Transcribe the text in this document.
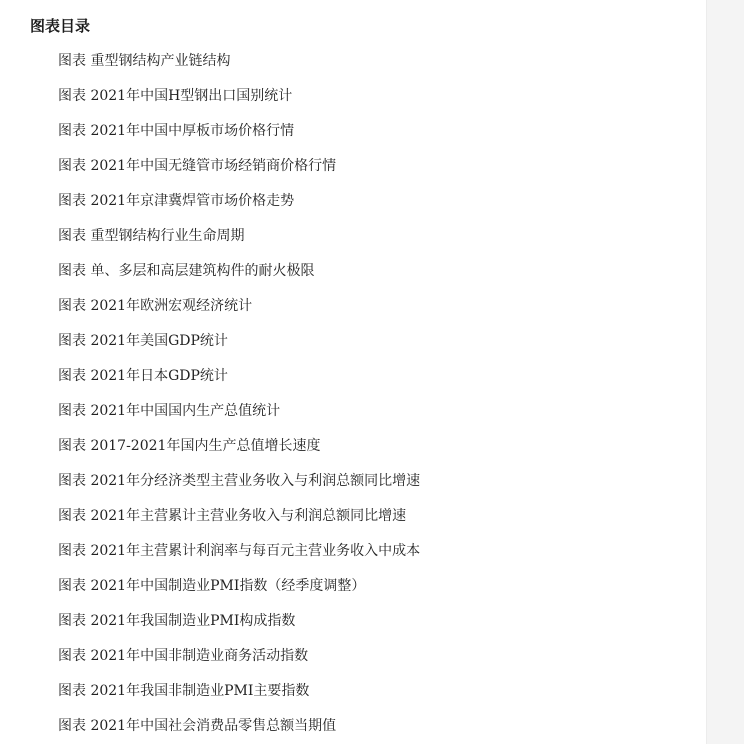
图表目录
图表 重型钢结构产业链结构
图表 2021年中国H型钢出口国别统计
图表 2021年中国中厚板市场价格行情
图表 2021年中国无缝管市场经销商价格行情
图表 2021年京津冀焊管市场价格走势
图表 重型钢结构行业生命周期
图表 单、多层和高层建筑构件的耐火极限
图表 2021年欧洲宏观经济统计
图表 2021年美国GDP统计
图表 2021年日本GDP统计
图表 2021年中国国内生产总值统计
图表 2017-2021年国内生产总值增长速度
图表 2021年分经济类型主营业务收入与利润总额同比增速
图表 2021年主营累计主营业务收入与利润总额同比增速
图表 2021年主营累计利润率与每百元主营业务收入中成本
图表 2021年中国制造业PMI指数（经季度调整）
图表 2021年我国制造业PMI构成指数
图表 2021年中国非制造业商务活动指数
图表 2021年我国非制造业PMI主要指数
图表 2021年中国社会消费品零售总额当期值
